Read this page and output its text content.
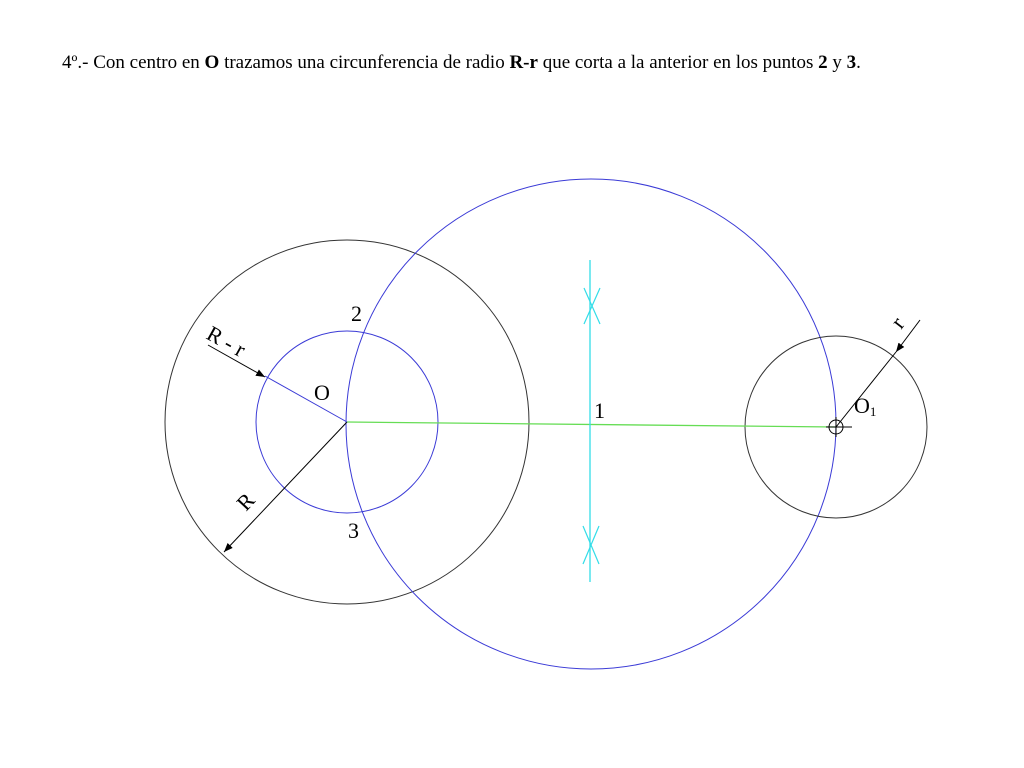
4º.- Con centro en O trazamos una circunferencia de radio R-r que corta a la anterior en los puntos 2 y 3.
O
O1
1
2
3
R
R - r	r
